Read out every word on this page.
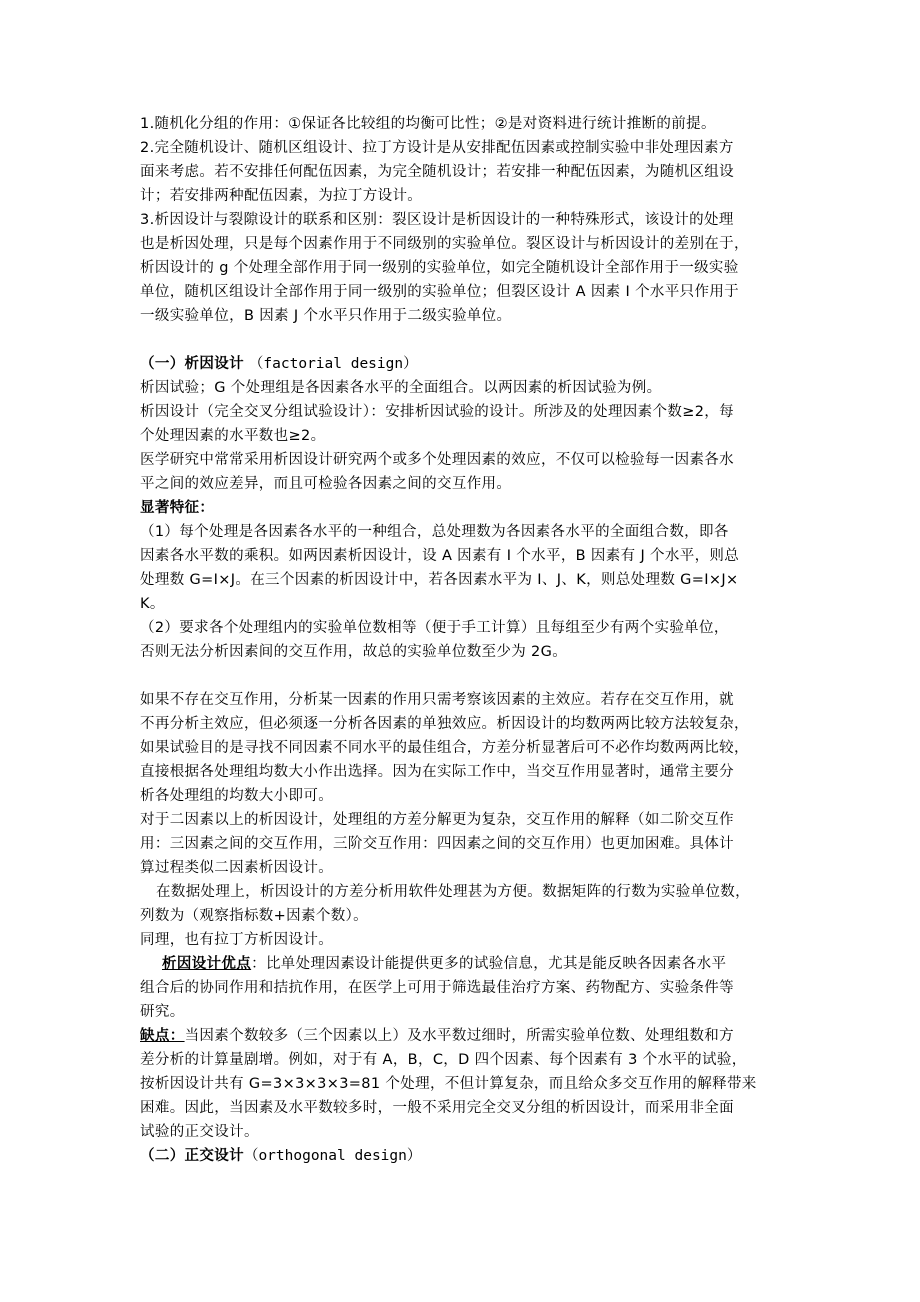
1.随机化分组的作用：①保证各比较组的均衡可比性；②是对资料进行统计推断的前提。
2.完全随机设计、随机区组设计、拉丁方设计是从安排配伍因素或控制实验中非处理因素方
面来考虑。若不安排任何配伍因素，为完全随机设计；若安排一种配伍因素，为随机区组设
计；若安排两种配伍因素，为拉丁方设计。
3.析因设计与裂隙设计的联系和区别：裂区设计是析因设计的一种特殊形式，该设计的处理
也是析因处理，只是每个因素作用于不同级别的实验单位。裂区设计与析因设计的差别在于，
析因设计的 g 个处理全部作用于同一级别的实验单位，如完全随机设计全部作用于一级实验
单位，随机区组设计全部作用于同一级别的实验单位；但裂区设计 A 因素 I 个水平只作用于
一级实验单位，B 因素 J 个水平只作用于二级实验单位。
（一）析因设计 （factorial design）
析因试验；G 个处理组是各因素各水平的全面组合。以两因素的析因试验为例。
析因设计（完全交叉分组试验设计）：安排析因试验的设计。所涉及的处理因素个数≥2，每
个处理因素的水平数也≥2。
医学研究中常常采用析因设计研究两个或多个处理因素的效应，不仅可以检验每一因素各水
平之间的效应差异，而且可检验各因素之间的交互作用。
显著特征：
（1）每个处理是各因素各水平的一种组合，总处理数为各因素各水平的全面组合数，即各
因素各水平数的乘积。如两因素析因设计，设 A 因素有 I 个水平，B 因素有 J 个水平，则总
处理数 G=I×J。在三个因素的析因设计中，若各因素水平为 I、J、K，则总处理数 G=I×J×
K。
（2）要求各个处理组内的实验单位数相等（便于手工计算）且每组至少有两个实验单位，
否则无法分析因素间的交互作用，故总的实验单位数至少为 2G。
如果不存在交互作用，分析某一因素的作用只需考察该因素的主效应。若存在交互作用，就
不再分析主效应，但必须逐一分析各因素的单独效应。析因设计的均数两两比较方法较复杂，
如果试验目的是寻找不同因素不同水平的最佳组合，方差分析显著后可不必作均数两两比较，
直接根据各处理组均数大小作出选择。因为在实际工作中，当交互作用显著时，通常主要分
析各处理组的均数大小即可。
对于二因素以上的析因设计，处理组的方差分解更为复杂，交互作用的解释（如二阶交互作
用：三因素之间的交互作用，三阶交互作用：四因素之间的交互作用）也更加困难。具体计
算过程类似二因素析因设计。
在数据处理上，析因设计的方差分析用软件处理甚为方便。数据矩阵的行数为实验单位数，
列数为（观察指标数+因素个数）。
同理，也有拉丁方析因设计。
析因设计优点：比单处理因素设计能提供更多的试验信息，尤其是能反映各因素各水平
组合后的协同作用和拮抗作用，在医学上可用于筛选最佳治疗方案、药物配方、实验条件等
研究。
缺点：当因素个数较多（三个因素以上）及水平数过细时，所需实验单位数、处理组数和方
差分析的计算量剧增。例如，对于有 A，B，C，D 四个因素、每个因素有 3 个水平的试验，
按析因设计共有 G=3×3×3×3=81 个处理，不但计算复杂，而且给众多交互作用的解释带来
困难。因此，当因素及水平数较多时，一般不采用完全交叉分组的析因设计，而采用非全面
试验的正交设计。
（二）正交设计（orthogonal design）
